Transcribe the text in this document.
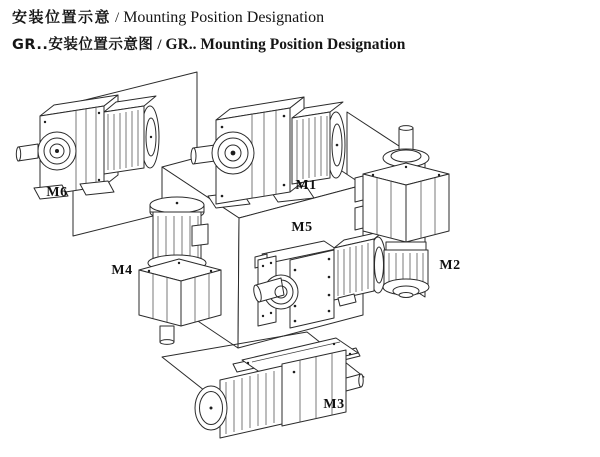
安装位置示意 / Mounting Position Designation
GR..安装位置示意图 / GR.. Mounting Position Designation
M6	M1
M5
M4	M2
M3
